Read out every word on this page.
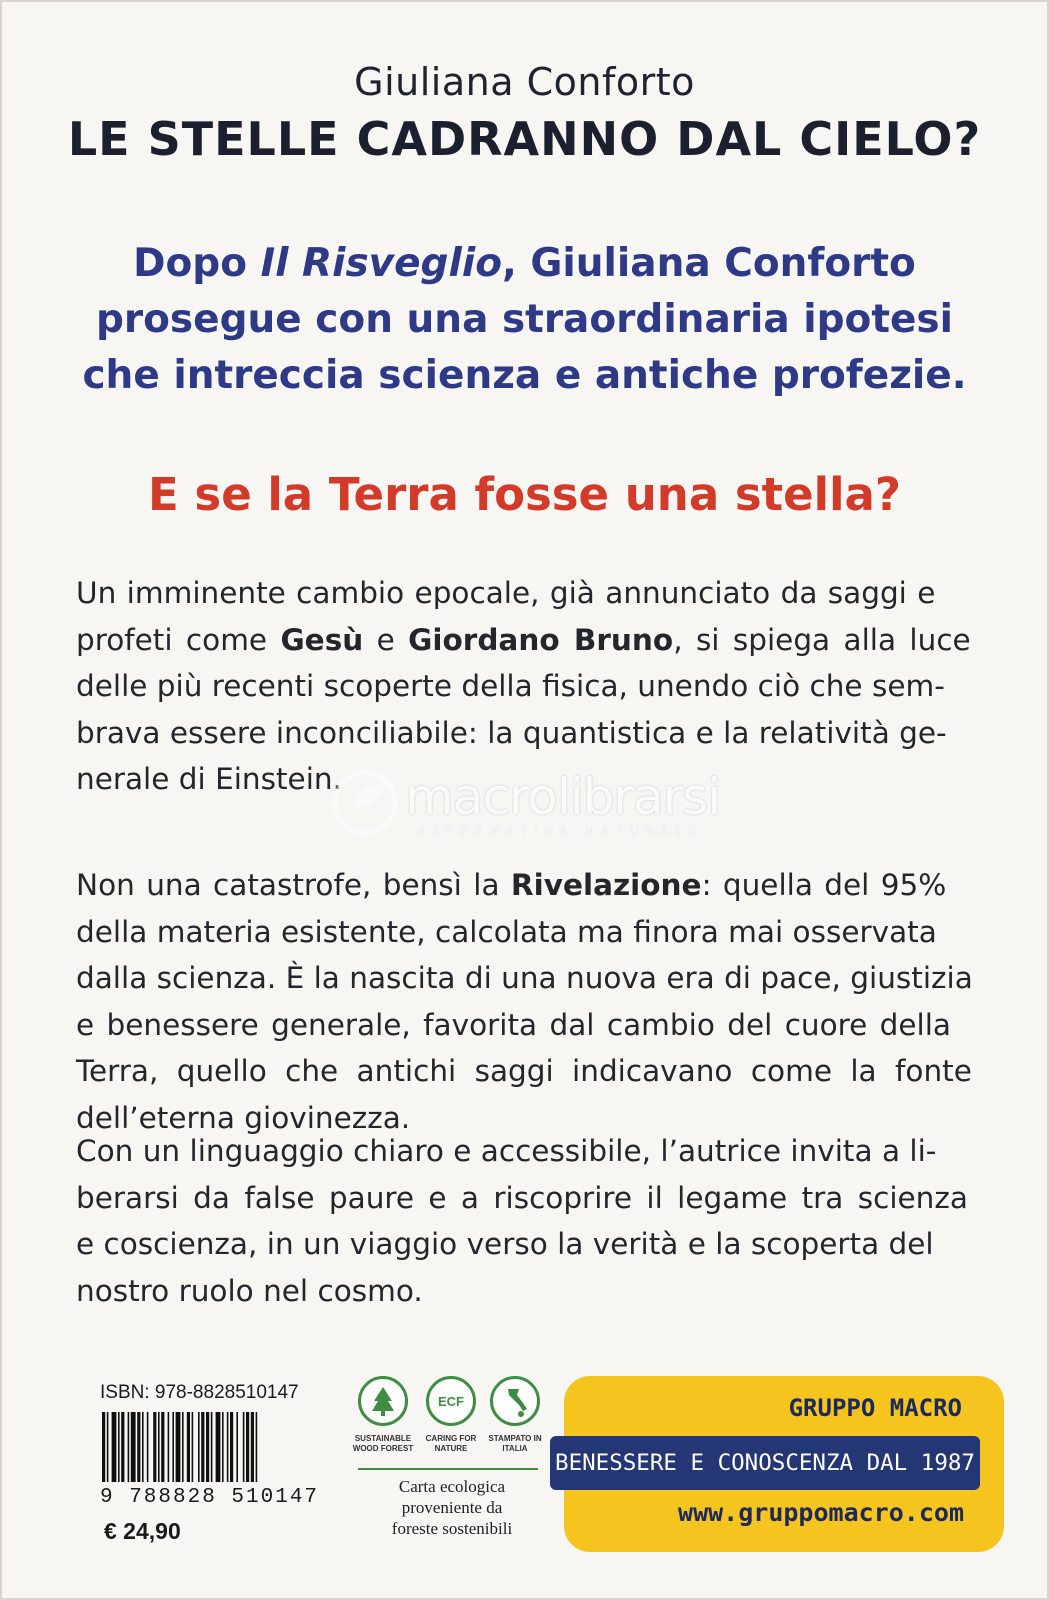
Giuliana Conforto
LE STELLE CADRANNO DAL CIELO?
Dopo Il Risveglio, Giuliana Conforto
prosegue con una straordinaria ipotesi
che intreccia scienza e antiche profezie.
E se la Terra fosse una stella?
Un imminente cambio epocale, già annunciato da saggi e
profeti come Gesù e Giordano Bruno, si spiega alla luce
delle più recenti scoperte della fisica, unendo ciò che sem-
brava essere inconciliabile: la quantistica e la relatività ge-
nerale di Einstein.
Non una catastrofe, bensì la Rivelazione: quella del 95%
della materia esistente, calcolata ma finora mai osservata
dalla scienza. È la nascita di una nuova era di pace, giustizia
e benessere generale, favorita dal cambio del cuore della
Terra, quello che antichi saggi indicavano come la fonte
dell’eterna giovinezza.
Con un linguaggio chiaro e accessibile, l’autrice invita a li-
berarsi da false paure e a riscoprire il legame tra scienza
e coscienza, in un viaggio verso la verità e la scoperta del
nostro ruolo nel cosmo.
macrolibrarsi
ALTERNATIVA NATURALE
ISBN: 978-8828510147
9 788828 510147
€ 24,90
ECF
SUSTAINABLE WOOD FOREST
CARING FOR NATURE
STAMPATO IN ITALIA
Carta ecologica
proveniente da
foreste sostenibili
GRUPPO MACRO
BENESSERE E CONOSCENZA DAL 1987
www.gruppomacro.com
